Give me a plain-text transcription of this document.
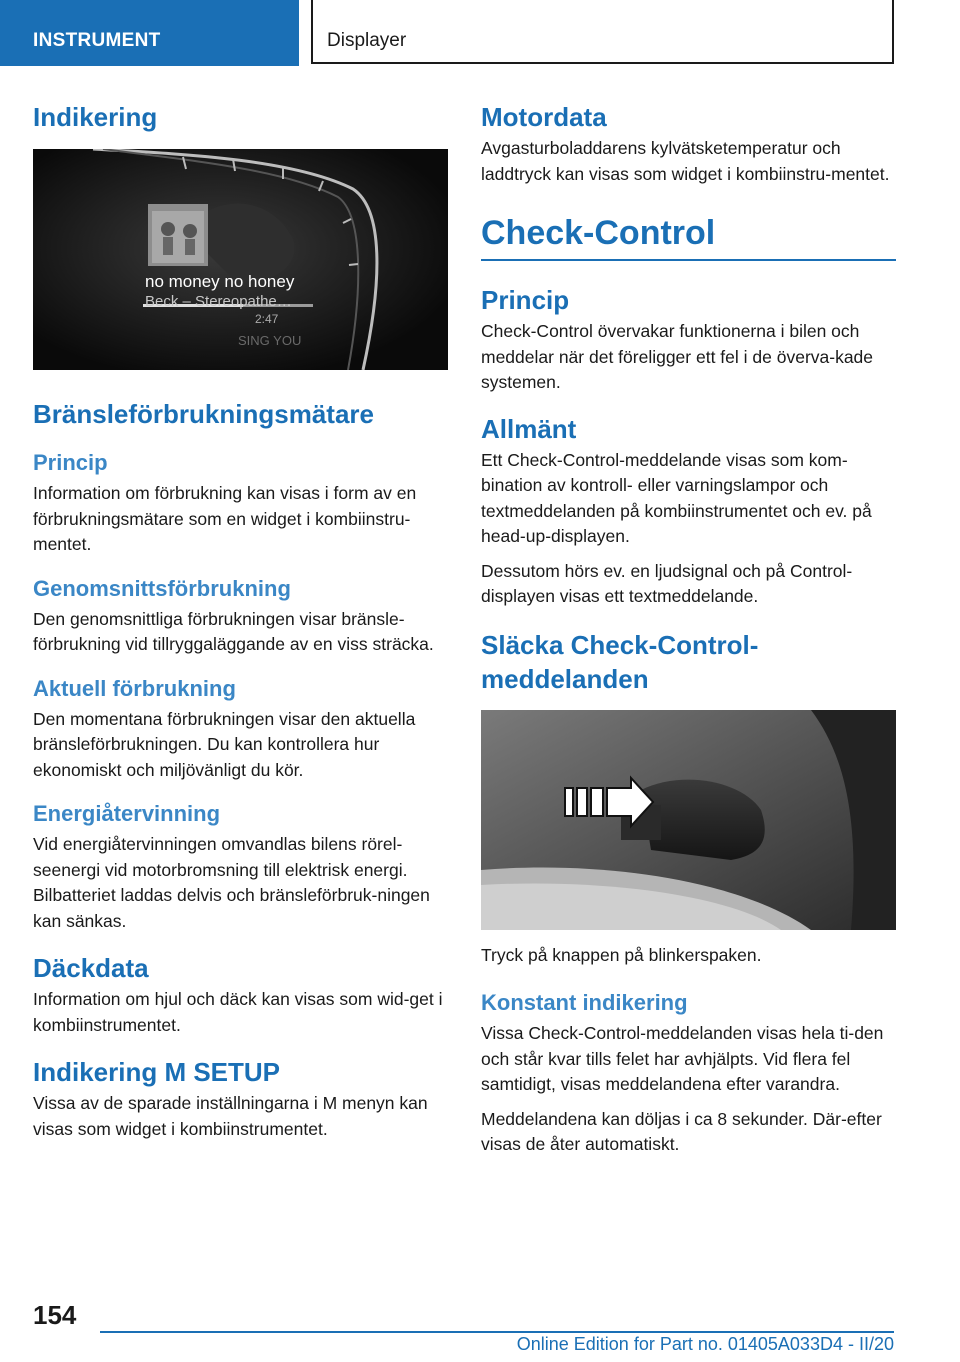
INSTRUMENT	Displayer
Indikering
no money no honey
Beck – Stereopathe…
2:47
SING YOU
Bränsleförbrukningsmätare
Princip

Information om förbrukning kan visas i form av en förbrukningsmätare som en widget i kombiinstru‐mentet.

Genomsnittsförbrukning

Den genomsnittliga förbrukningen visar bränsle‐förbrukning vid tillryggaläggande av en viss sträcka.

Aktuell förbrukning

Den momentana förbrukningen visar den aktuella bränsleförbrukningen. Du kan kontrollera hur ekonomiskt och miljövänligt du kör.

Energiåtervinning

Vid energiåtervinningen omvandlas bilens rörel‐seenergi vid motorbromsning till elektrisk energi. Bilbatteriet laddas delvis och bränsleförbruk‐ningen kan sänkas.

Däckdata

Information om hjul och däck kan visas som wid‐get i kombiinstrumentet.

Indikering M SETUP

Vissa av de sparade inställningarna i M menyn kan visas som widget i kombiinstrumentet.

Motordata

Avgasturboladdarens kylvätsketemperatur och laddtryck kan visas som widget i kombiinstru‐mentet.

Check-Control
Princip

Check-Control övervakar funktionerna i bilen och meddelar när det föreligger ett fel i de överva‐kade systemen.

Allmänt

Ett Check-Control-meddelande visas som kom‐bination av kontroll- eller varningslampor och textmeddelanden på kombiinstrumentet och ev. på head-up-displayen.

Dessutom hörs ev. en ljudsignal och på Control-displayen visas ett textmeddelande.

Släcka Check-Control-meddelanden

Tryck på knappen på blinkerspaken.

Konstant indikering

Vissa Check-Control-meddelanden visas hela ti‐den och står kvar tills felet har avhjälpts. Vid flera fel samtidigt, visas meddelandena efter varandra.

Meddelandena kan döljas i ca 8 sekunder. Där‐efter visas de åter automatiskt.

154
Online Edition for Part no. 01405A033D4 - II/20
